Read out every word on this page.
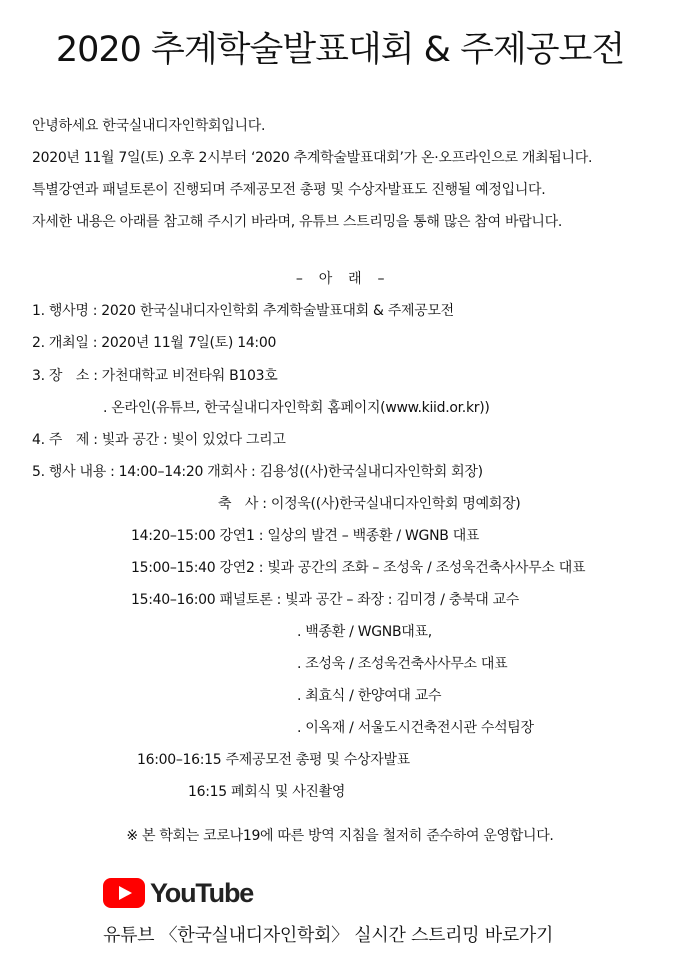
2020 추계학술발표대회 & 주제공모전

안녕하세요 한국실내디자인학회입니다.

2020년 11월 7일(토) 오후 2시부터 ‘2020 추계학술발표대회’가 온·오프라인으로 개최됩니다.

특별강연과 패널토론이 진행되며 주제공모전 총평 및 수상자발표도 진행될 예정입니다.

자세한 내용은 아래를 참고해 주시기 바라며, 유튜브 스트리밍을 통해 많은 참여 바랍니다.

– 아 래 –
1. 행사명 : 2020 한국실내디자인학회 추계학술발표대회 & 주제공모전
2. 개최일 : 2020년 11월 7일(토) 14:00
3. 장　소 : 가천대학교 비전타워 B103호
. 온라인(유튜브, 한국실내디자인학회 홈페이지(www.kiid.or.kr))
4. 주　제 : 빛과 공간 : 빛이 있었다 그리고
5. 행사 내용 : 14:00–14:20 개회사 : 김용성((사)한국실내디자인학회 회장)
축　사 : 이정욱((사)한국실내디자인학회 명예회장)
14:20–15:00 강연1 : 일상의 발견 – 백종환 / WGNB 대표
15:00–15:40 강연2 : 빛과 공간의 조화 – 조성욱 / 조성욱건축사사무소 대표
15:40–16:00 패널토론 : 빛과 공간 – 좌장 : 김미경 / 충북대 교수
. 백종환 / WGNB대표,
. 조성욱 / 조성욱건축사사무소 대표
. 최효식 / 한양여대 교수
. 이옥재 / 서울도시건축전시관 수석팀장
16:00–16:15 주제공모전 총평 및 수상자발표
16:15 폐회식 및 사진촬영
※ 본 학회는 코로나19에 따른 방역 지침을 철저히 준수하여 운영합니다.
YouTube
유튜브 〈한국실내디자인학회〉 실시간 스트리밍 바로가기
